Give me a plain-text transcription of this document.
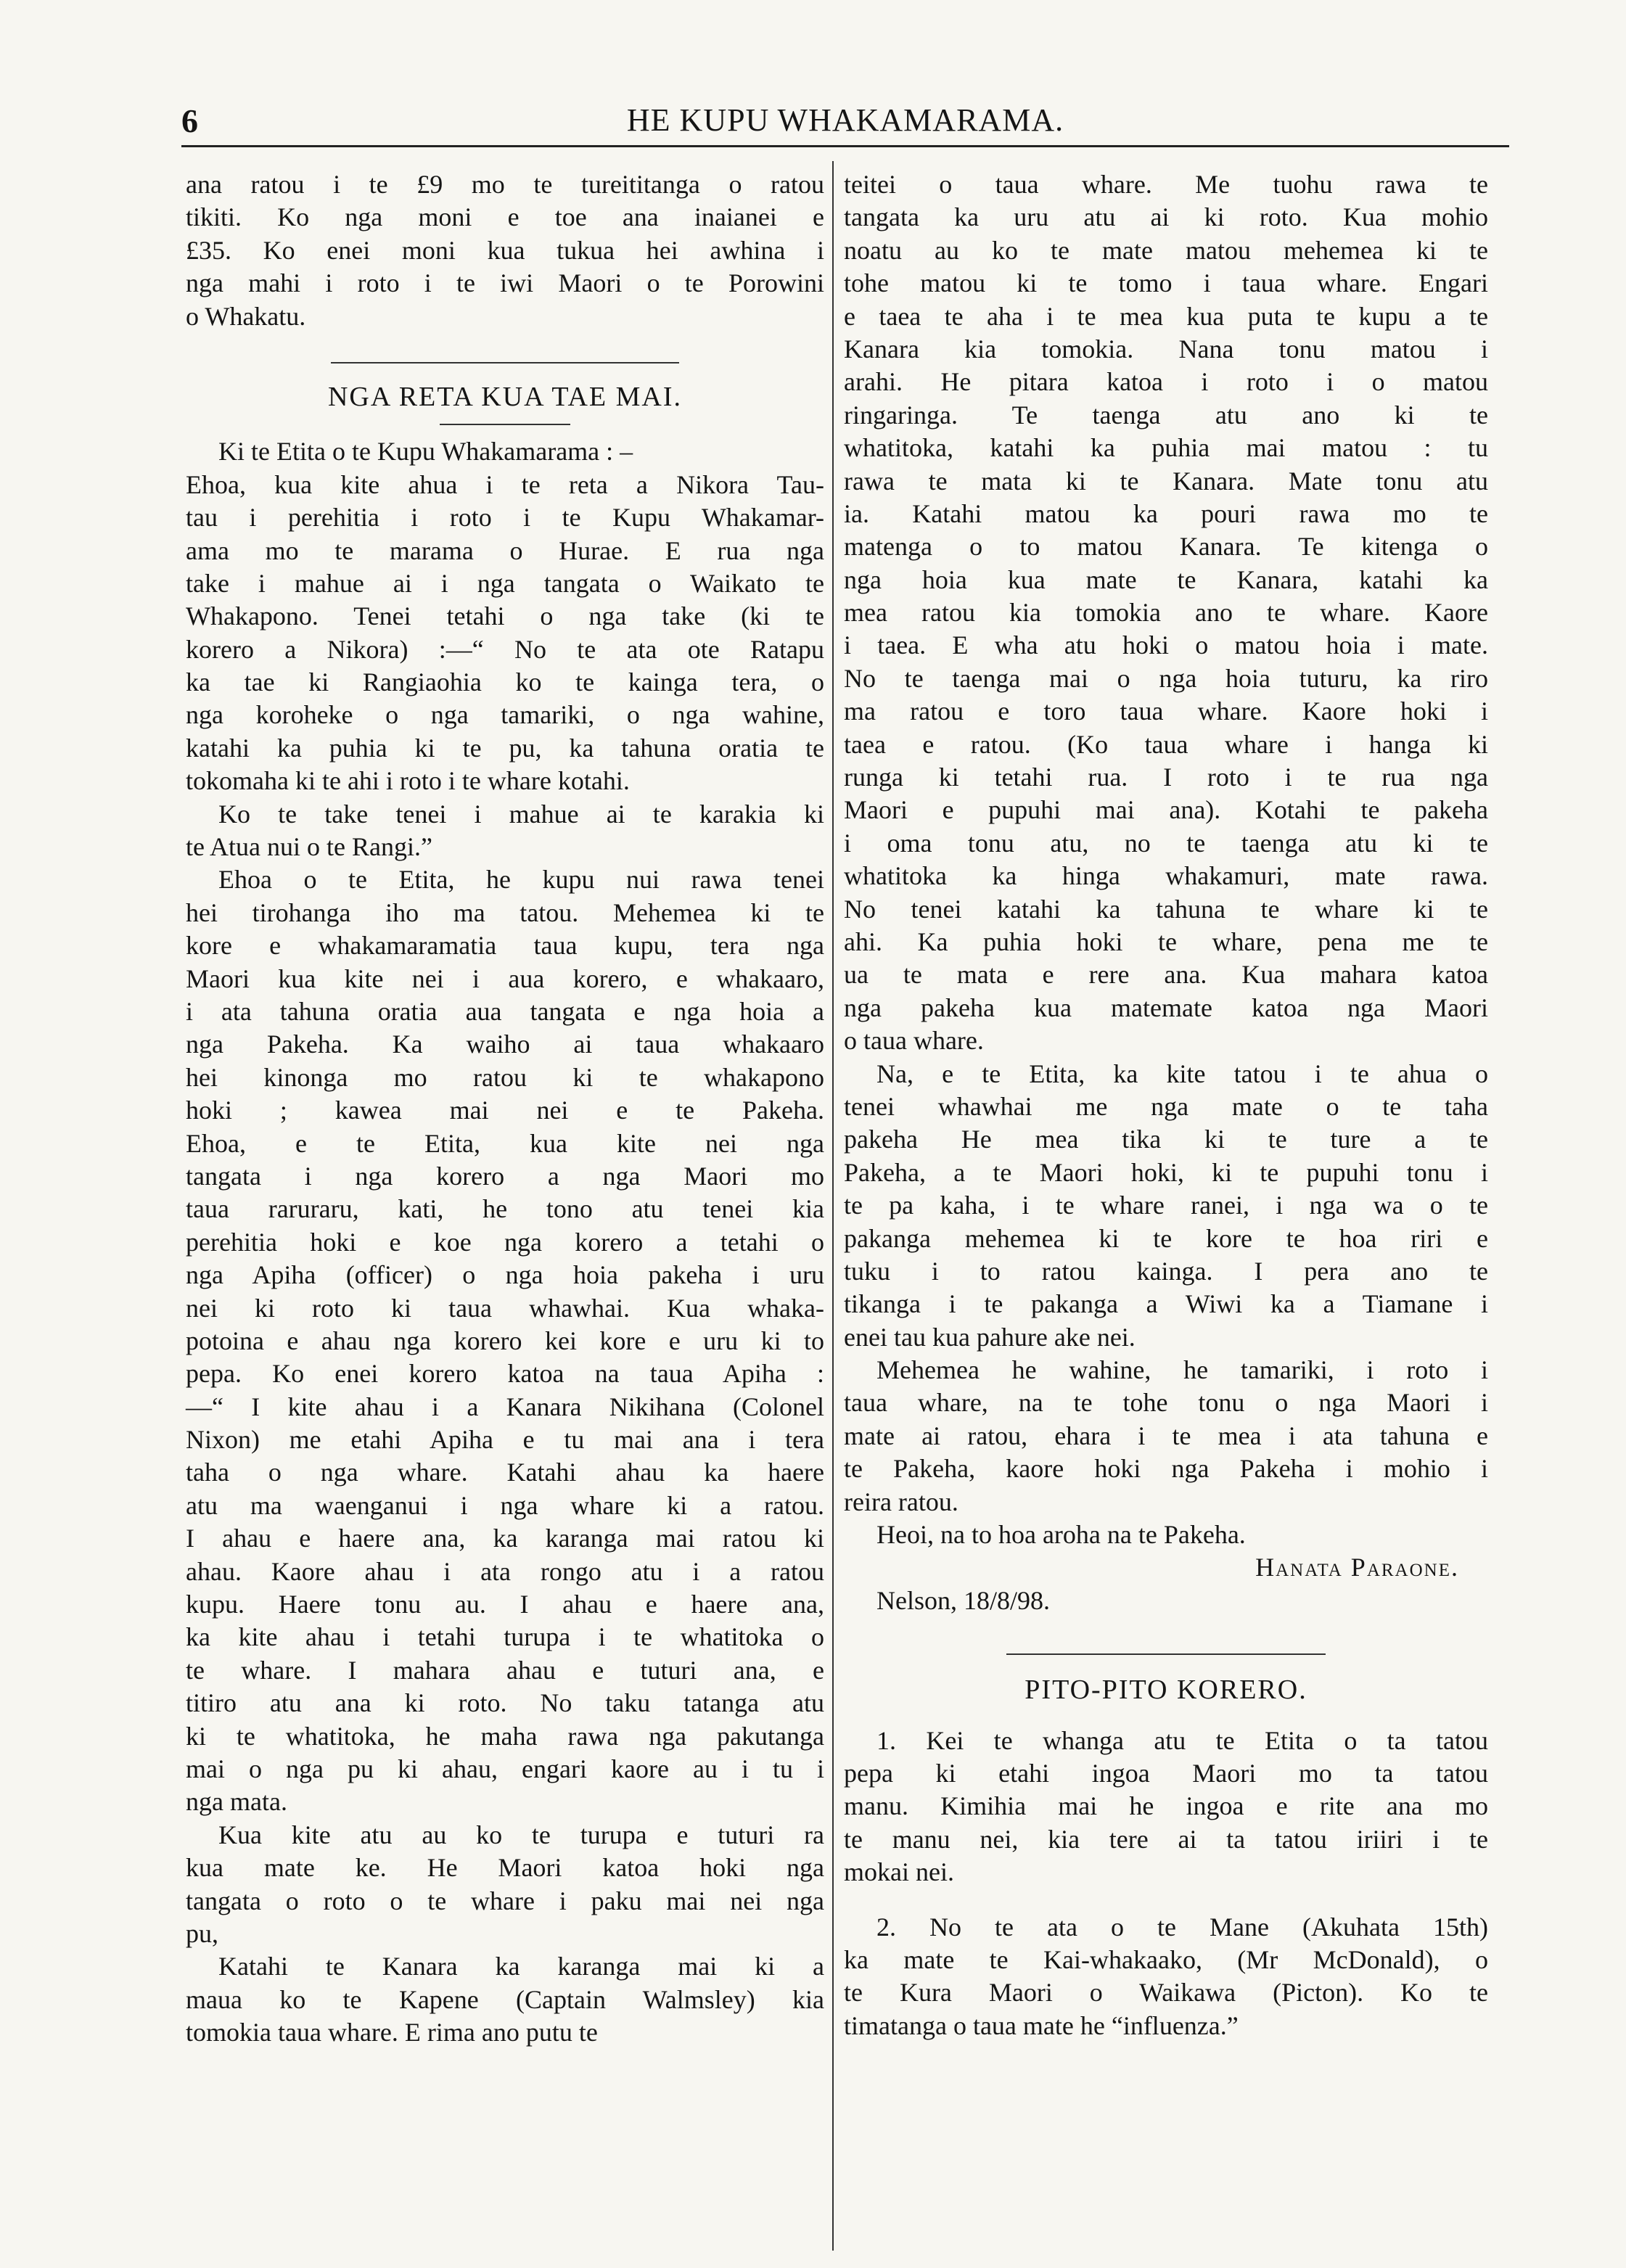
6	HE KUPU WHAKAMARAMA.
ana ratou i te £9 mo te tureititanga o ratou
tikiti. Ko nga moni e toe ana inaianei e
£35. Ko enei moni kua tukua hei awhina i
nga mahi i roto i te iwi Maori o te Porowini
o Whakatu.
NGA RETA KUA TAE MAI.
Ki te Etita o te Kupu Whakamarama : –
Ehoa, kua kite ahua i te reta a Nikora Tau-
tau i perehitia i roto i te Kupu Whakamar-
ama mo te marama o Hurae. E rua nga
take i mahue ai i nga tangata o Waikato te
Whakapono. Tenei tetahi o nga take (ki te
korero a Nikora) :—“ No te ata ote Ratapu
ka tae ki Rangiaohia ko te kainga tera, o
nga koroheke o nga tamariki, o nga wahine,
katahi ka puhia ki te pu, ka tahuna oratia te
tokomaha ki te ahi i roto i te whare kotahi.
Ko te take tenei i mahue ai te karakia ki
te Atua nui o te Rangi.”
Ehoa o te Etita, he kupu nui rawa tenei
hei tirohanga iho ma tatou. Mehemea ki te
kore e whakamaramatia taua kupu, tera nga
Maori kua kite nei i aua korero, e whakaaro,
i ata tahuna oratia aua tangata e nga hoia a
nga Pakeha. Ka waiho ai taua whakaaro
hei kinonga mo ratou ki te whakapono
hoki ; kawea mai nei e te Pakeha.
Ehoa, e te Etita, kua kite nei nga
tangata i nga korero a nga Maori mo
taua raruraru, kati, he tono atu tenei kia
perehitia hoki e koe nga korero a tetahi o
nga Apiha (officer) o nga hoia pakeha i uru
nei ki roto ki taua whawhai. Kua whaka-
potoina e ahau nga korero kei kore e uru ki to
pepa. Ko enei korero katoa na taua Apiha :
—“ I kite ahau i a Kanara Nikihana (Colonel
Nixon) me etahi Apiha e tu mai ana i tera
taha o nga whare. Katahi ahau ka haere
atu ma waenganui i nga whare ki a ratou.
I ahau e haere ana, ka karanga mai ratou ki
ahau. Kaore ahau i ata rongo atu i a ratou
kupu. Haere tonu au. I ahau e haere ana,
ka kite ahau i tetahi turupa i te whatitoka o
te whare. I mahara ahau e tuturi ana, e
titiro atu ana ki roto. No taku tatanga atu
ki te whatitoka, he maha rawa nga pakutanga
mai o nga pu ki ahau, engari kaore au i tu i
nga mata.
Kua kite atu au ko te turupa e tuturi ra
kua mate ke. He Maori katoa hoki nga
tangata o roto o te whare i paku mai nei nga
pu,
Katahi te Kanara ka karanga mai ki a
maua ko te Kapene (Captain Walmsley) kia
tomokia taua whare. E rima ano putu te
teitei o taua whare. Me tuohu rawa te
tangata ka uru atu ai ki roto. Kua mohio
noatu au ko te mate matou mehemea ki te
tohe matou ki te tomo i taua whare. Engari
e taea te aha i te mea kua puta te kupu a te
Kanara kia tomokia. Nana tonu matou i
arahi. He pitara katoa i roto i o matou
ringaringa. Te taenga atu ano ki te
whatitoka, katahi ka puhia mai matou : tu
rawa te mata ki te Kanara. Mate tonu atu
ia. Katahi matou ka pouri rawa mo te
matenga o to matou Kanara. Te kitenga o
nga hoia kua mate te Kanara, katahi ka
mea ratou kia tomokia ano te whare. Kaore
i taea. E wha atu hoki o matou hoia i mate.
No te taenga mai o nga hoia tuturu, ka riro
ma ratou e toro taua whare. Kaore hoki i
taea e ratou. (Ko taua whare i hanga ki
runga ki tetahi rua. I roto i te rua nga
Maori e pupuhi mai ana). Kotahi te pakeha
i oma tonu atu, no te taenga atu ki te
whatitoka ka hinga whakamuri, mate rawa.
No tenei katahi ka tahuna te whare ki te
ahi. Ka puhia hoki te whare, pena me te
ua te mata e rere ana. Kua mahara katoa
nga pakeha kua matemate katoa nga Maori
o taua whare.
Na, e te Etita, ka kite tatou i te ahua o
tenei whawhai me nga mate o te taha
pakeha He mea tika ki te ture a te
Pakeha, a te Maori hoki, ki te pupuhi tonu i
te pa kaha, i te whare ranei, i nga wa o te
pakanga mehemea ki te kore te hoa riri e
tuku i to ratou kainga. I pera ano te
tikanga i te pakanga a Wiwi ka a Tiamane i
enei tau kua pahure ake nei.
Mehemea he wahine, he tamariki, i roto i
taua whare, na te tohe tonu o nga Maori i
mate ai ratou, ehara i te mea i ata tahuna e
te Pakeha, kaore hoki nga Pakeha i mohio i
reira ratou.
Heoi, na to hoa aroha na te Pakeha.
Hanata Paraone.
Nelson, 18/8/98.
PITO-PITO KORERO.
1. Kei te whanga atu te Etita o ta tatou
pepa ki etahi ingoa Maori mo ta tatou
manu. Kimihia mai he ingoa e rite ana mo
te manu nei, kia tere ai ta tatou iriiri i te
mokai nei.
2. No te ata o te Mane (Akuhata 15th)
ka mate te Kai-whakaako, (Mr McDonald), o
te Kura Maori o Waikawa (Picton). Ko te
timatanga o taua mate he “influenza.”
